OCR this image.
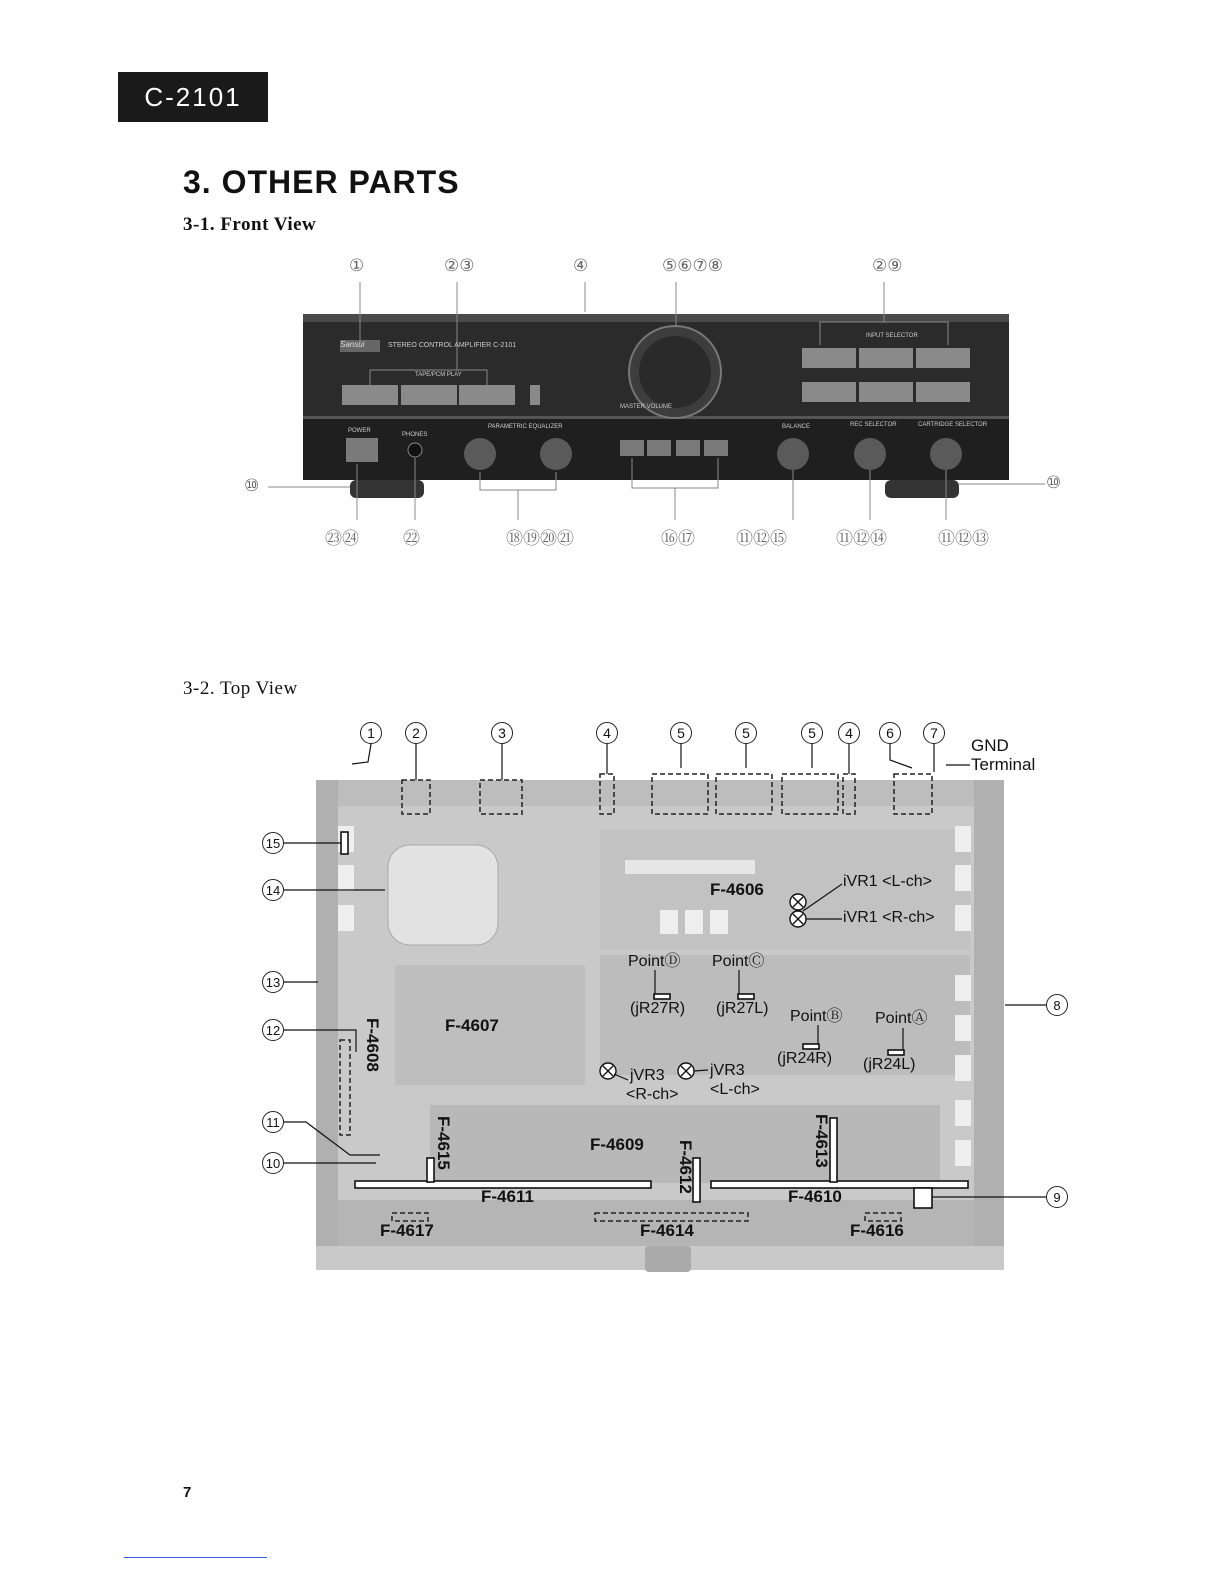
C-2101
3. OTHER PARTS
3-1. Front View
Sansui	STEREO CONTROL AMPLIFIER C-2101
TAPE/PCM PLAY
INPUT SELECTOR
MASTER VOLUME
PARAMETRIC EQUALIZER	BALANCE	REC SELECTOR	CARTRIDGE SELECTOR
POWER
PHONES
①	②③	④	⑤⑥⑦⑧	②⑨
⑩	⑩
㉓㉔	㉒	⑱⑲⑳㉑	⑯⑰ ⑪⑫⑮	⑪⑫⑭	⑪⑫⑬
3-2. Top View
1	2	3	4	5	5	5	4	6	7
GND
Terminal
15
14
13
12
11
10
8
9
F-4606
F-4607
F-4608
F-4609
F-4610
F-4611
F-4612	F-4613
F-4614
F-4615
F-4616
F-4617
iVR1 <L-ch>
iVR1 <R-ch>
PointⒹ PointⒸ
PointⒷ PointⒶ
(jR27R) (jR27L)
(jR24R) (jR24L)
jVR3
<R-ch>
jVR3
<L-ch>
7
